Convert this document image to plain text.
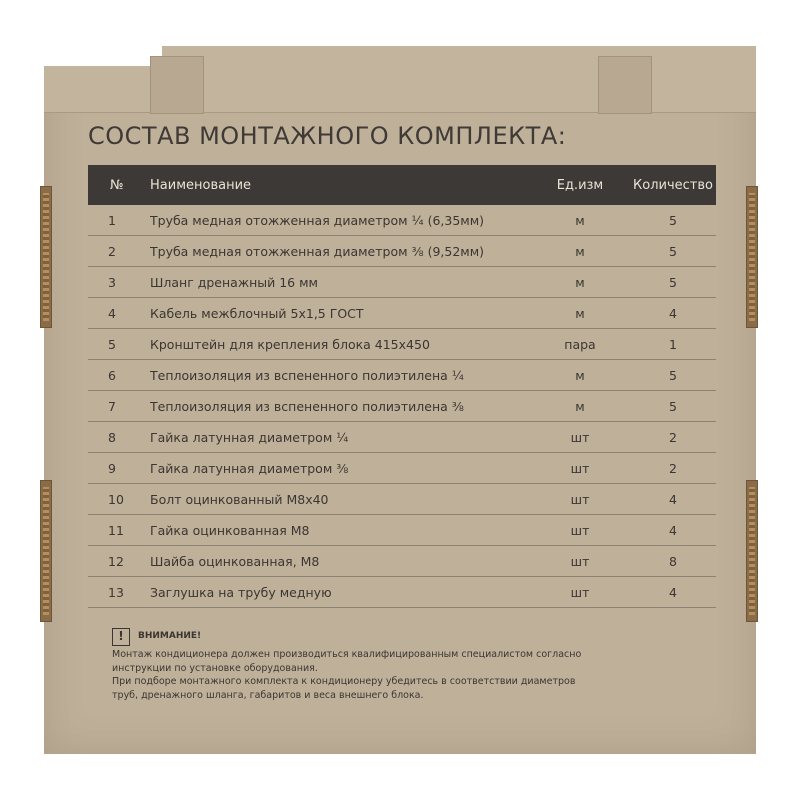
СОСТАВ МОНТАЖНОГО КОМПЛЕКТА:
№	Наименование	Ед.изм	Количество
1	Труба медная отожженная диаметром ¼ (6,35мм)	м	5
2	Труба медная отожженная диаметром ⅜ (9,52мм)	м	5
3	Шланг дренажный 16 мм	м	5
4	Кабель межблочный 5х1,5 ГОСТ	м	4
5	Кронштейн для крепления блока 415х450	пара	1
6	Теплоизоляция из вспененного полиэтилена ¼	м	5
7	Теплоизоляция из вспененного полиэтилена ⅜	м	5
8	Гайка латунная диаметром ¼	шт	2
9	Гайка латунная диаметром ⅜	шт	2
10	Болт оцинкованный М8х40	шт	4
11	Гайка оцинкованная М8	шт	4
12	Шайба оцинкованная, М8	шт	8
13	Заглушка на трубу медную	шт	4
!	ВНИМАНИЕ!

Монтаж кондиционера должен производиться квалифицированным специалистом согласно

инструкции по установке оборудования.

При подборе монтажного комплекта к кондиционеру убедитесь в соответствии диаметров

труб, дренажного шланга, габаритов и веса внешнего блока.
